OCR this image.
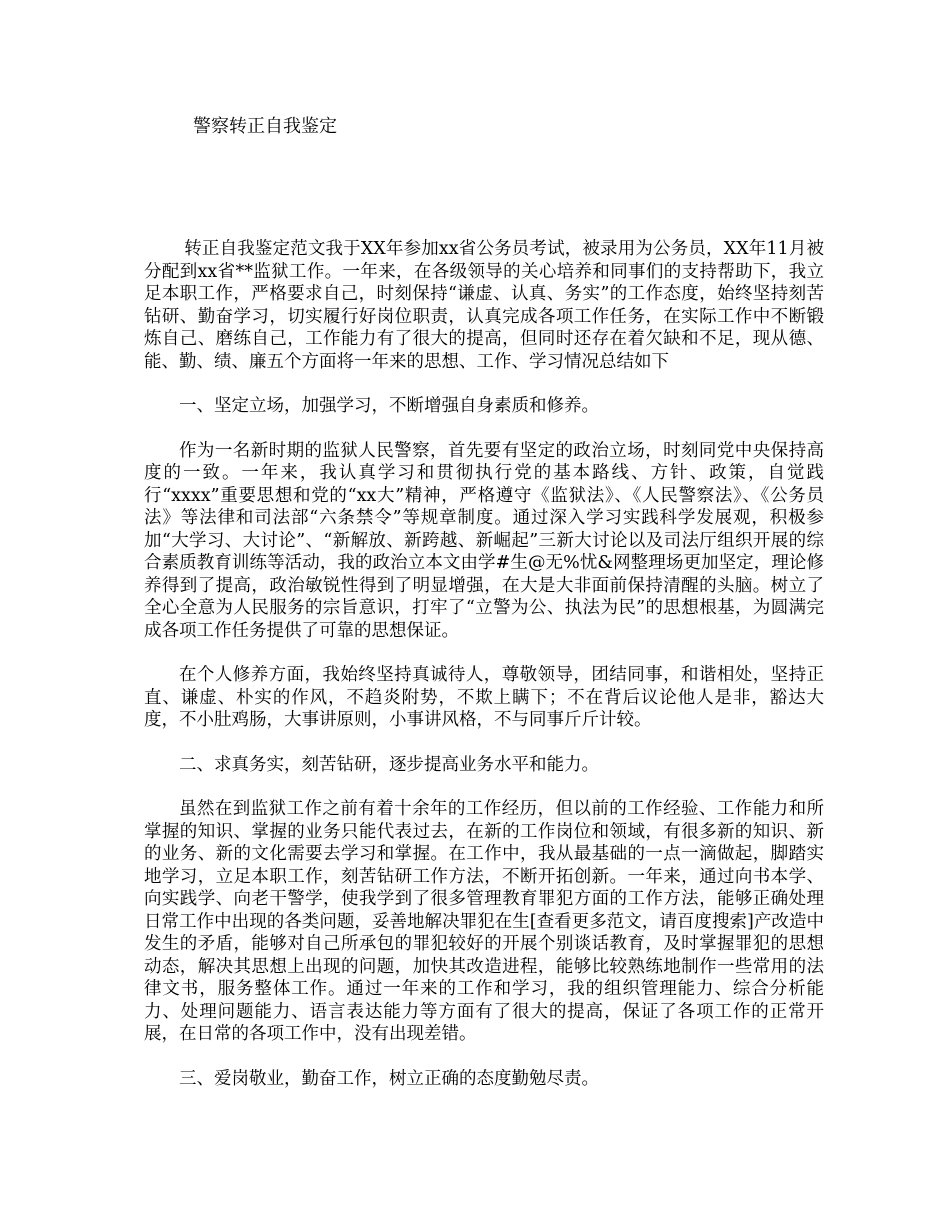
警察转正自我鉴定

转正自我鉴定范文我于XX年参加xx省公务员考试，被录用为公务员，XX年11月被分配到xx省**监狱工作。一年来，在各级领导的关心培养和同事们的支持帮助下，我立足本职工作，严格要求自己，时刻保持“谦虚、认真、务实”的工作态度，始终坚持刻苦钻研、勤奋学习，切实履行好岗位职责，认真完成各项工作任务，在实际工作中不断锻炼自己、磨练自己，工作能力有了很大的提高，但同时还存在着欠缺和不足，现从德、能、勤、绩、廉五个方面将一年来的思想、工作、学习情况总结如下

一、坚定立场，加强学习，不断增强自身素质和修养。

作为一名新时期的监狱人民警察，首先要有坚定的政治立场，时刻同党中央保持高度的一致。一年来，我认真学习和贯彻执行党的基本路线、方针、政策，自觉践行“xxxx”重要思想和党的“xx大”精神，严格遵守《监狱法》、《人民警察法》、《公务员法》等法律和司法部“六条禁令”等规章制度。通过深入学习实践科学发展观，积极参加“大学习、大讨论”、“新解放、新跨越、新崛起”三新大讨论以及司法厅组织开展的综合素质教育训练等活动，我的政治立本文由学#生@无%忧&网整理场更加坚定，理论修养得到了提高，政治敏锐性得到了明显增强，在大是大非面前保持清醒的头脑。树立了全心全意为人民服务的宗旨意识，打牢了“立警为公、执法为民”的思想根基，为圆满完成各项工作任务提供了可靠的思想保证。

在个人修养方面，我始终坚持真诚待人，尊敬领导，团结同事，和谐相处，坚持正直、谦虚、朴实的作风，不趋炎附势，不欺上瞒下；不在背后议论他人是非，豁达大度，不小肚鸡肠，大事讲原则，小事讲风格，不与同事斤斤计较。

二、求真务实，刻苦钻研，逐步提高业务水平和能力。

虽然在到监狱工作之前有着十余年的工作经历，但以前的工作经验、工作能力和所掌握的知识、掌握的业务只能代表过去，在新的工作岗位和领域，有很多新的知识、新的业务、新的文化需要去学习和掌握。在工作中，我从最基础的一点一滴做起，脚踏实地学习，立足本职工作，刻苦钻研工作方法，不断开拓创新。一年来，通过向书本学、向实践学、向老干警学，使我学到了很多管理教育罪犯方面的工作方法，能够正确处理日常工作中出现的各类问题，妥善地解决罪犯在生[查看更多范文，请百度搜索]产改造中发生的矛盾，能够对自己所承包的罪犯较好的开展个别谈话教育，及时掌握罪犯的思想动态，解决其思想上出现的问题，加快其改造进程，能够比较熟练地制作一些常用的法律文书，服务整体工作。通过一年来的工作和学习，我的组织管理能力、综合分析能力、处理问题能力、语言表达能力等方面有了很大的提高，保证了各项工作的正常开展，在日常的各项工作中，没有出现差错。

三、爱岗敬业，勤奋工作，树立正确的态度勤勉尽责。
